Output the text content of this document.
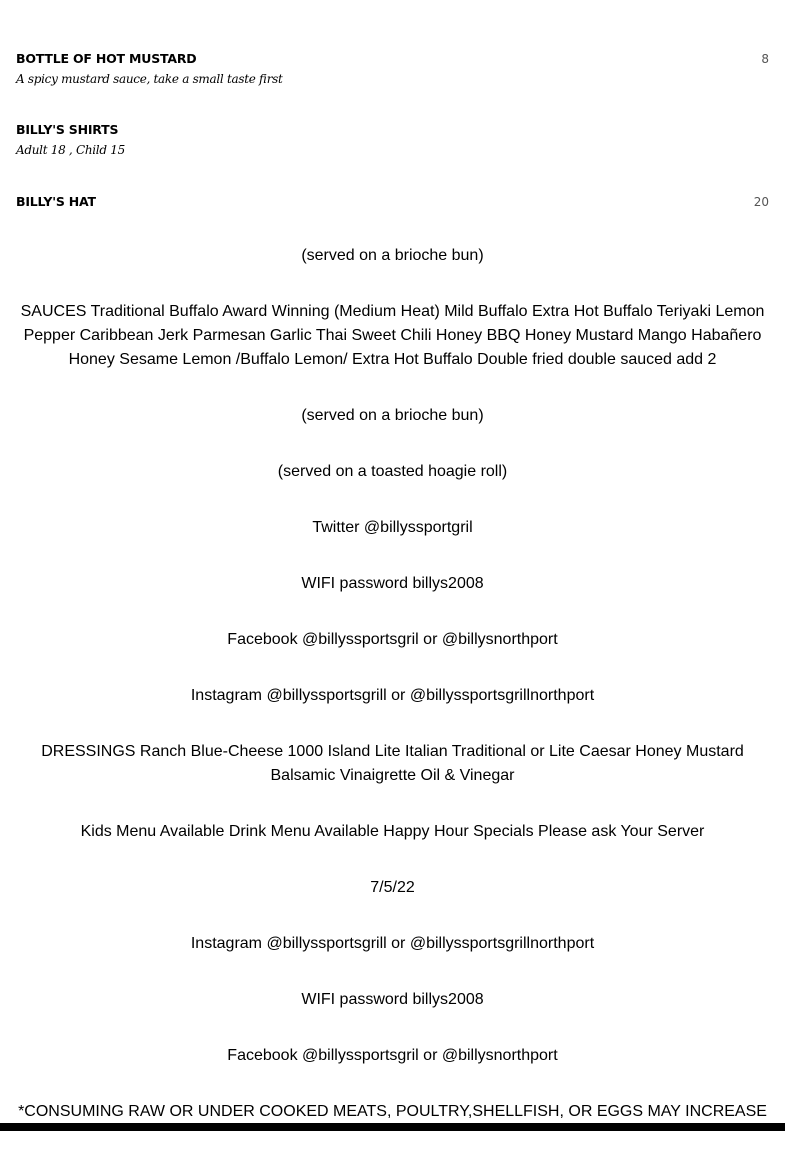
BOTTLE OF HOT MUSTARD	8
A spicy mustard sauce, take a small taste first
BILLY'S SHIRTS
Adult 18 , Child 15
BILLY'S HAT	20

(served on a brioche bun)

SAUCES Traditional Buffalo Award Winning (Medium Heat) Mild Buffalo Extra Hot Buffalo Teriyaki Lemon Pepper Caribbean Jerk Parmesan Garlic Thai Sweet Chili Honey BBQ Honey Mustard Mango Habañero Honey Sesame Lemon /Buffalo Lemon/ Extra Hot Buffalo Double fried double sauced add 2

(served on a brioche bun)

(served on a toasted hoagie roll)

Twitter @billyssportgril

WIFI password billys2008

Facebook @billyssportsgril or @billysnorthport

Instagram @billyssportsgrill or @billyssportsgrillnorthport

DRESSINGS Ranch Blue-Cheese 1000 Island Lite Italian Traditional or Lite Caesar Honey Mustard Balsamic Vinaigrette Oil & Vinegar

Kids Menu Available Drink Menu Available Happy Hour Specials Please ask Your Server

7/5/22

Instagram @billyssportsgrill or @billyssportsgrillnorthport

WIFI password billys2008

Facebook @billyssportsgril or @billysnorthport

*CONSUMING RAW OR UNDER COOKED MEATS, POULTRY,SHELLFISH, OR EGGS MAY INCREASE
